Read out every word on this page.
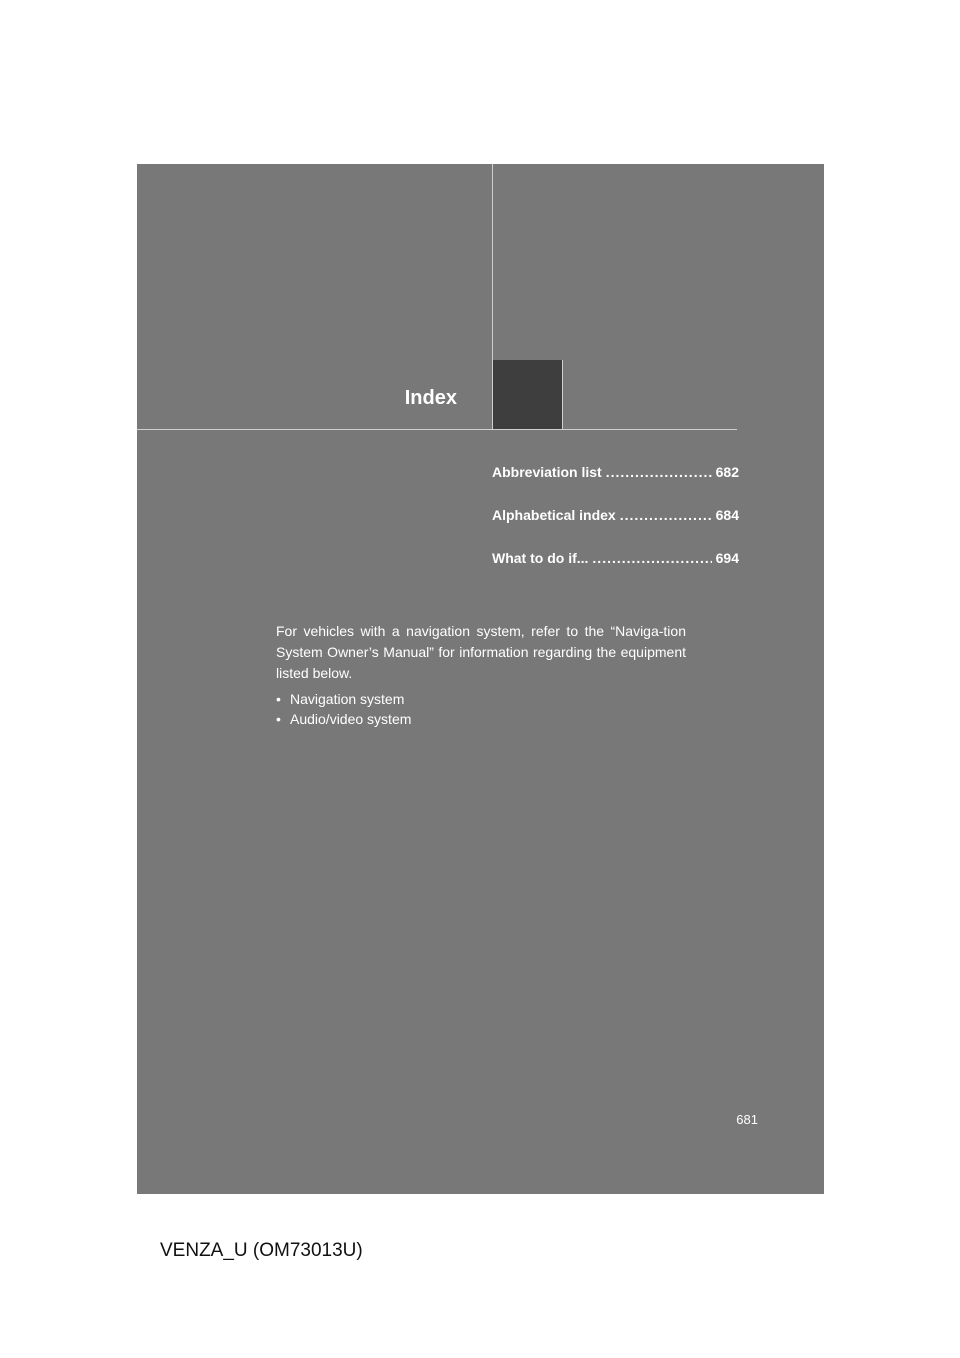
Index
Abbreviation list .....	682
Alphabetical index .....	684
What to do if... .....	694
For vehicles with a navigation system, refer to the “Naviga-tion System Owner’s Manual” for information regarding the equipment listed below.
• Navigation system
• Audio/video system
681
VENZA_U (OM73013U)
